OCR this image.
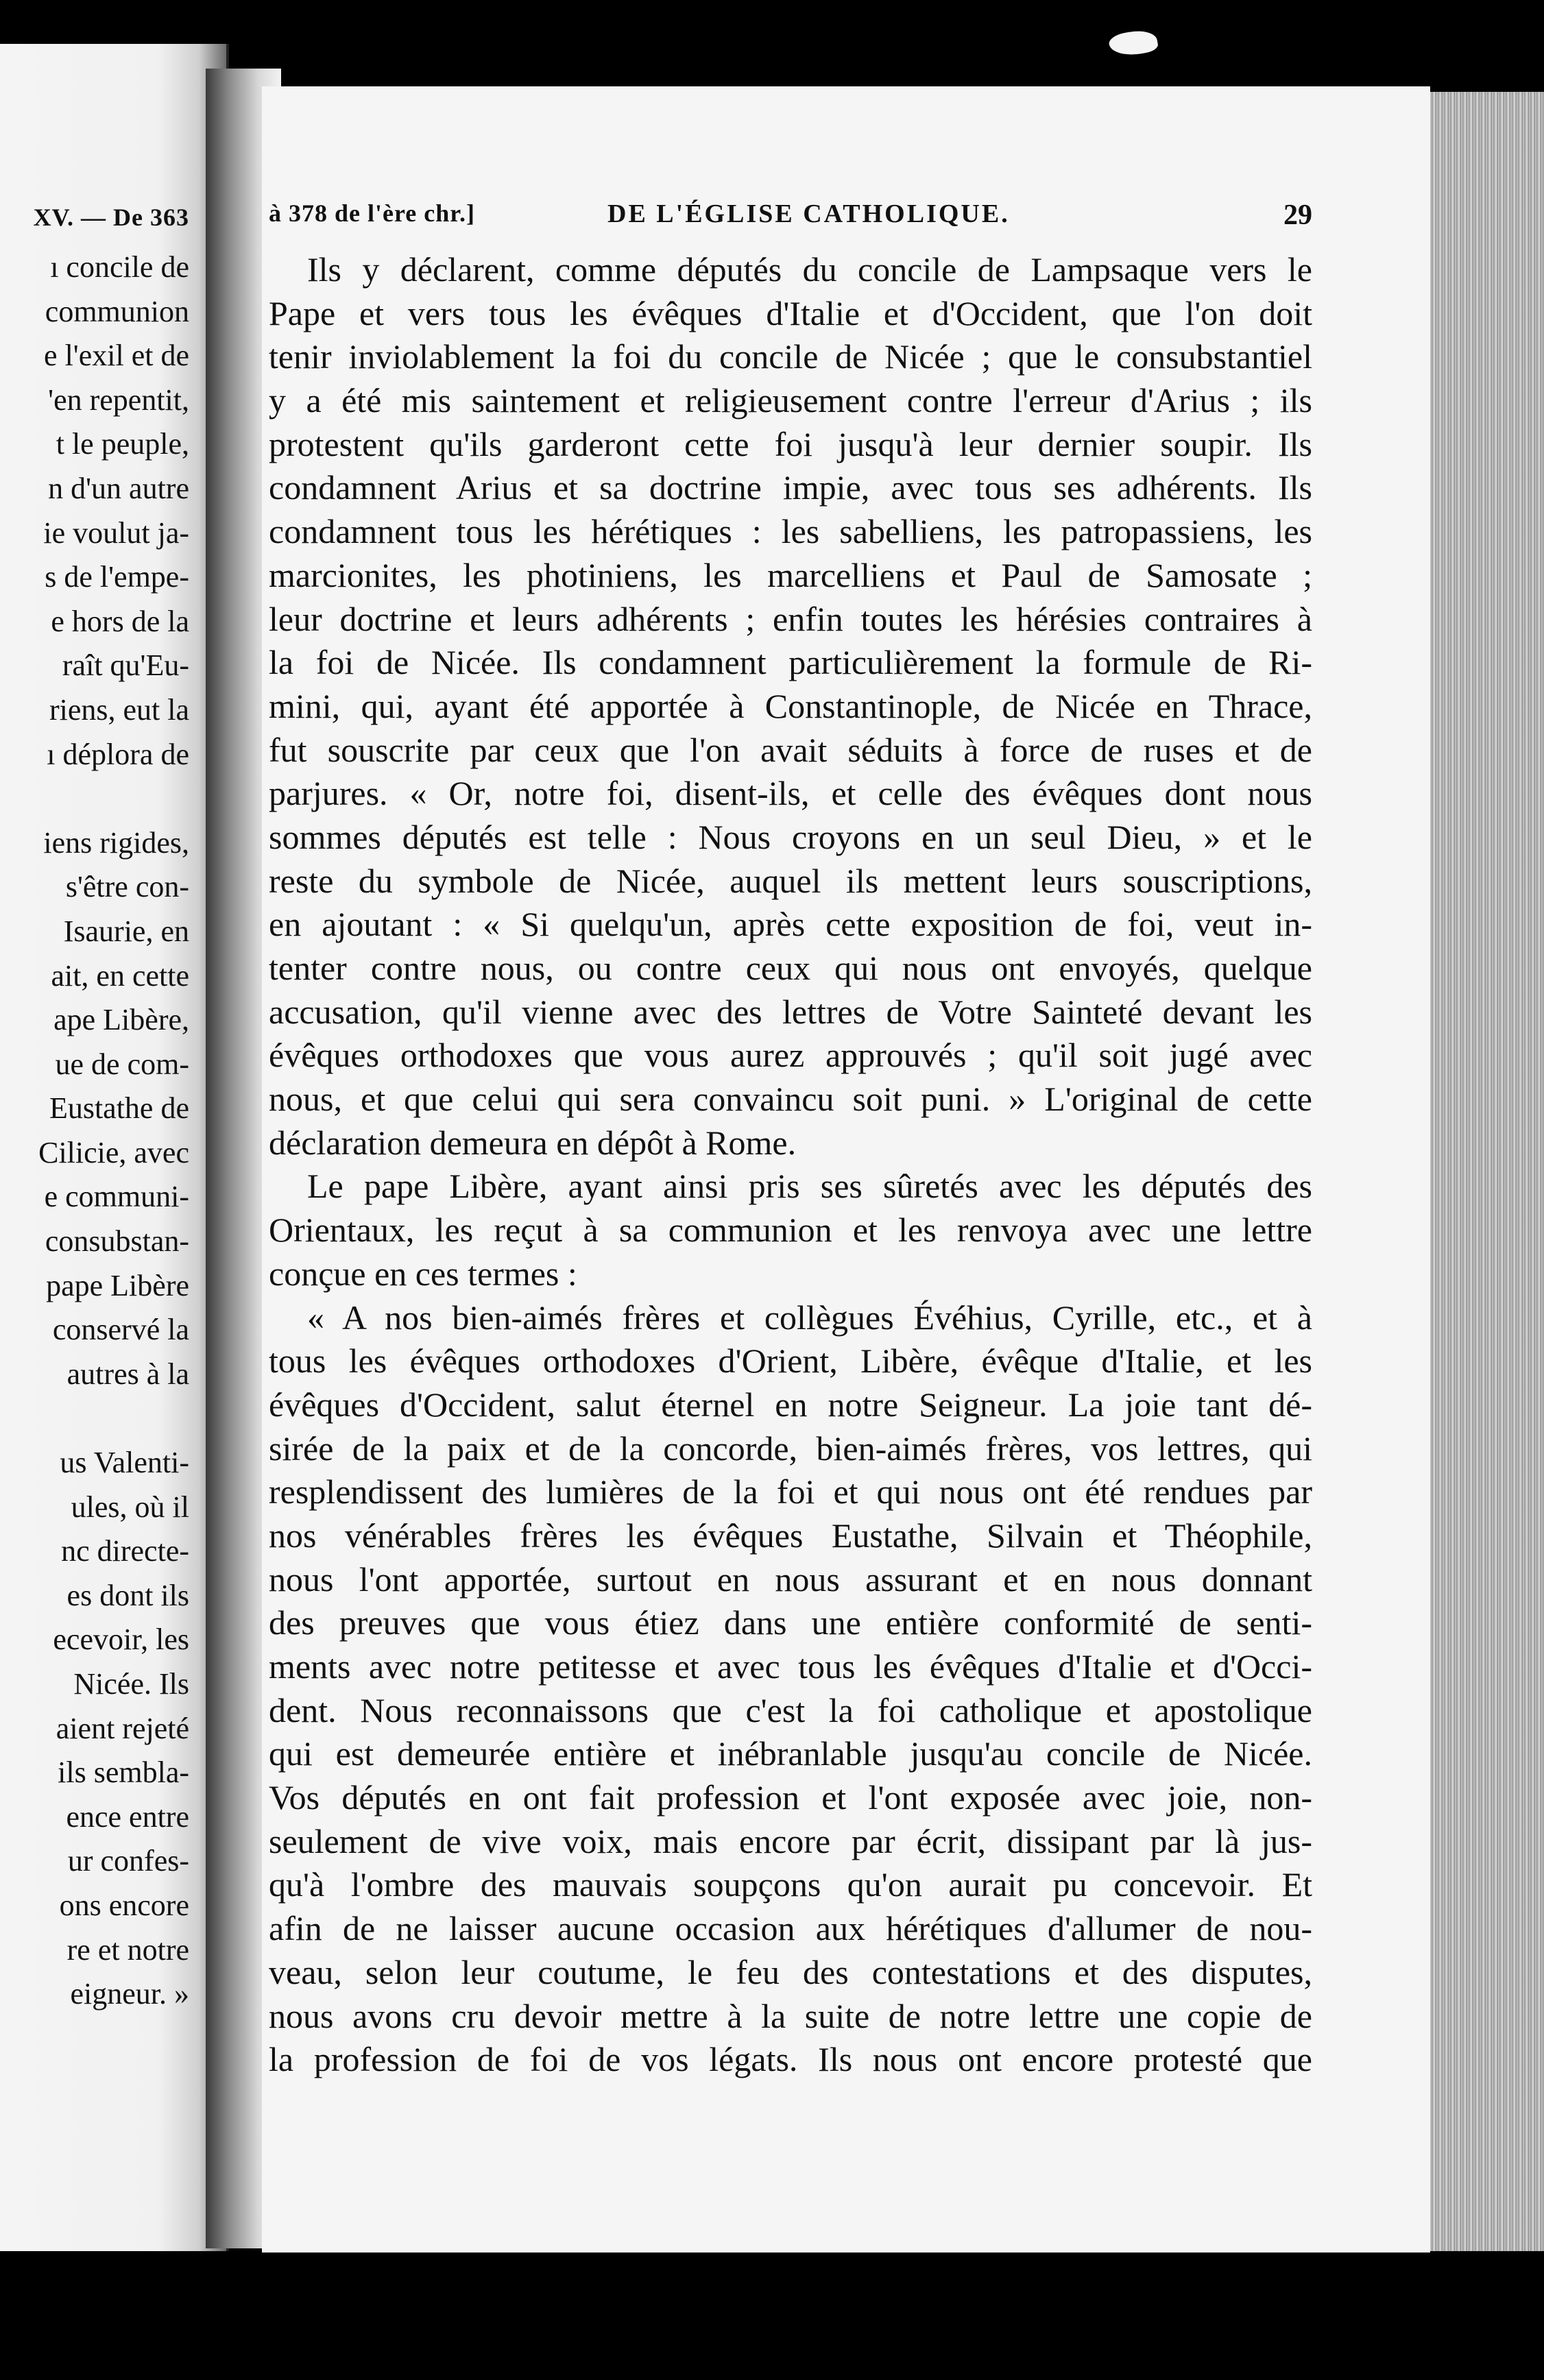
XV. — De 363
ı concile de
communion
e l'exil et de
'en repentit,
t le peuple,
n d'un autre
ie voulut ja-
s de l'empe-
e hors de la
raît qu'Eu-
riens, eut la
ı déplora de
iens rigides,
s'être con-
Isaurie, en
ait, en cette
ape Libère,
ue de com-
Eustathe de
Cilicie, avec
e communi-
consubstan-
pape Libère
conservé la
autres à la
us Valenti-
ules, où il
nc directe-
es dont ils
ecevoir, les
Nicée. Ils
aient rejeté
ils sembla-
ence entre
ur confes-
ons encore
re et notre
eigneur. »
à 378 de l'ère chr.]	DE L'ÉGLISE CATHOLIQUE.	29
Ils y déclarent, comme députés du concile de Lampsaque vers le
Pape et vers tous les évêques d'Italie et d'Occident, que l'on doit
tenir inviolablement la foi du concile de Nicée ; que le consubstantiel
y a été mis saintement et religieusement contre l'erreur d'Arius ; ils
protestent qu'ils garderont cette foi jusqu'à leur dernier soupir. Ils
condamnent Arius et sa doctrine impie, avec tous ses adhérents. Ils
condamnent tous les hérétiques : les sabelliens, les patropassiens, les
marcionites, les photiniens, les marcelliens et Paul de Samosate ;
leur doctrine et leurs adhérents ; enfin toutes les hérésies contraires à
la foi de Nicée. Ils condamnent particulièrement la formule de Ri-
mini, qui, ayant été apportée à Constantinople, de Nicée en Thrace,
fut souscrite par ceux que l'on avait séduits à force de ruses et de
parjures. « Or, notre foi, disent-ils, et celle des évêques dont nous
sommes députés est telle : Nous croyons en un seul Dieu, » et le
reste du symbole de Nicée, auquel ils mettent leurs souscriptions,
en ajoutant : « Si quelqu'un, après cette exposition de foi, veut in-
tenter contre nous, ou contre ceux qui nous ont envoyés, quelque
accusation, qu'il vienne avec des lettres de Votre Sainteté devant les
évêques orthodoxes que vous aurez approuvés ; qu'il soit jugé avec
nous, et que celui qui sera convaincu soit puni. » L'original de cette
déclaration demeura en dépôt à Rome.
Le pape Libère, ayant ainsi pris ses sûretés avec les députés des
Orientaux, les reçut à sa communion et les renvoya avec une lettre
conçue en ces termes :
« A nos bien-aimés frères et collègues Évéhius, Cyrille, etc., et à
tous les évêques orthodoxes d'Orient, Libère, évêque d'Italie, et les
évêques d'Occident, salut éternel en notre Seigneur. La joie tant dé-
sirée de la paix et de la concorde, bien-aimés frères, vos lettres, qui
resplendissent des lumières de la foi et qui nous ont été rendues par
nos vénérables frères les évêques Eustathe, Silvain et Théophile,
nous l'ont apportée, surtout en nous assurant et en nous donnant
des preuves que vous étiez dans une entière conformité de senti-
ments avec notre petitesse et avec tous les évêques d'Italie et d'Occi-
dent. Nous reconnaissons que c'est la foi catholique et apostolique
qui est demeurée entière et inébranlable jusqu'au concile de Nicée.
Vos députés en ont fait profession et l'ont exposée avec joie, non-
seulement de vive voix, mais encore par écrit, dissipant par là jus-
qu'à l'ombre des mauvais soupçons qu'on aurait pu concevoir. Et
afin de ne laisser aucune occasion aux hérétiques d'allumer de nou-
veau, selon leur coutume, le feu des contestations et des disputes,
nous avons cru devoir mettre à la suite de notre lettre une copie de
la profession de foi de vos légats. Ils nous ont encore protesté que
